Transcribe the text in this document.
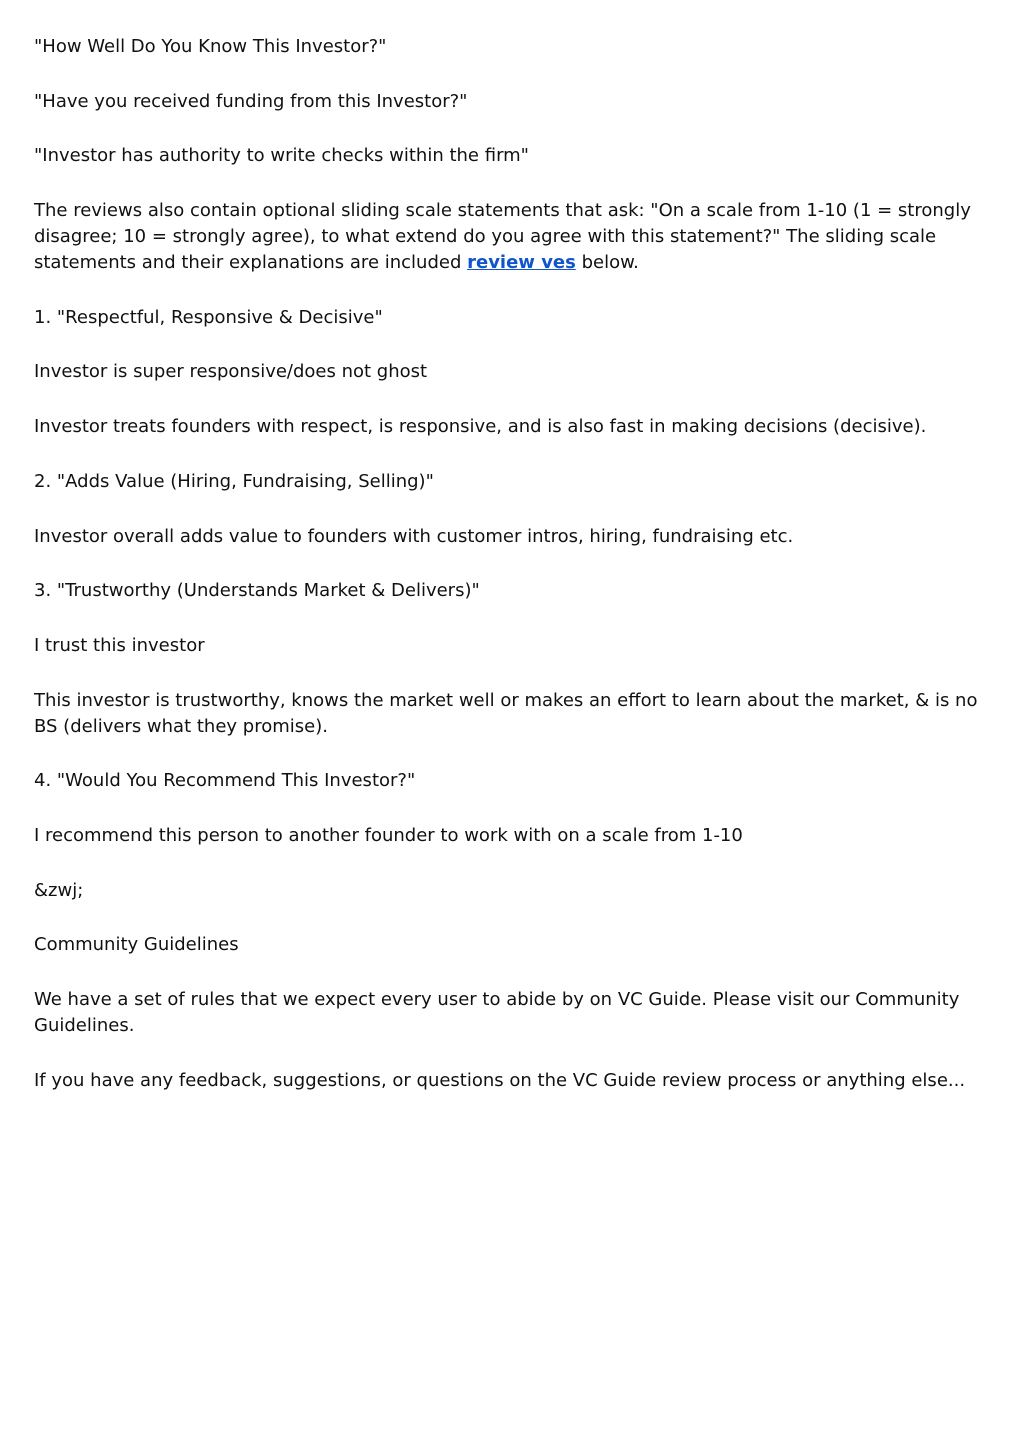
"How Well Do You Know This Investor?"

"Have you received funding from this Investor?"

"Investor has authority to write checks within the firm"

The reviews also contain optional sliding scale statements that ask: "On a scale from 1-10 (1 = strongly disagree; 10 = strongly agree), to what extend do you agree with this statement?" The sliding scale statements and their explanations are included review ves below.

1. "Respectful, Responsive & Decisive"

Investor is super responsive/does not ghost

Investor treats founders with respect, is responsive, and is also fast in making decisions (decisive).

2. "Adds Value (Hiring, Fundraising, Selling)"

Investor overall adds value to founders with customer intros, hiring, fundraising etc.

3. "Trustworthy (Understands Market & Delivers)"

I trust this investor

This investor is trustworthy, knows the market well or makes an effort to learn about the market, & is no BS (delivers what they promise).

4. "Would You Recommend This Investor?"

I recommend this person to another founder to work with on a scale from 1-10

&zwj;

Community Guidelines

We have a set of rules that we expect every user to abide by on VC Guide. Please visit our Community Guidelines.

If you have any feedback, suggestions, or questions on the VC Guide review process or anything else...
